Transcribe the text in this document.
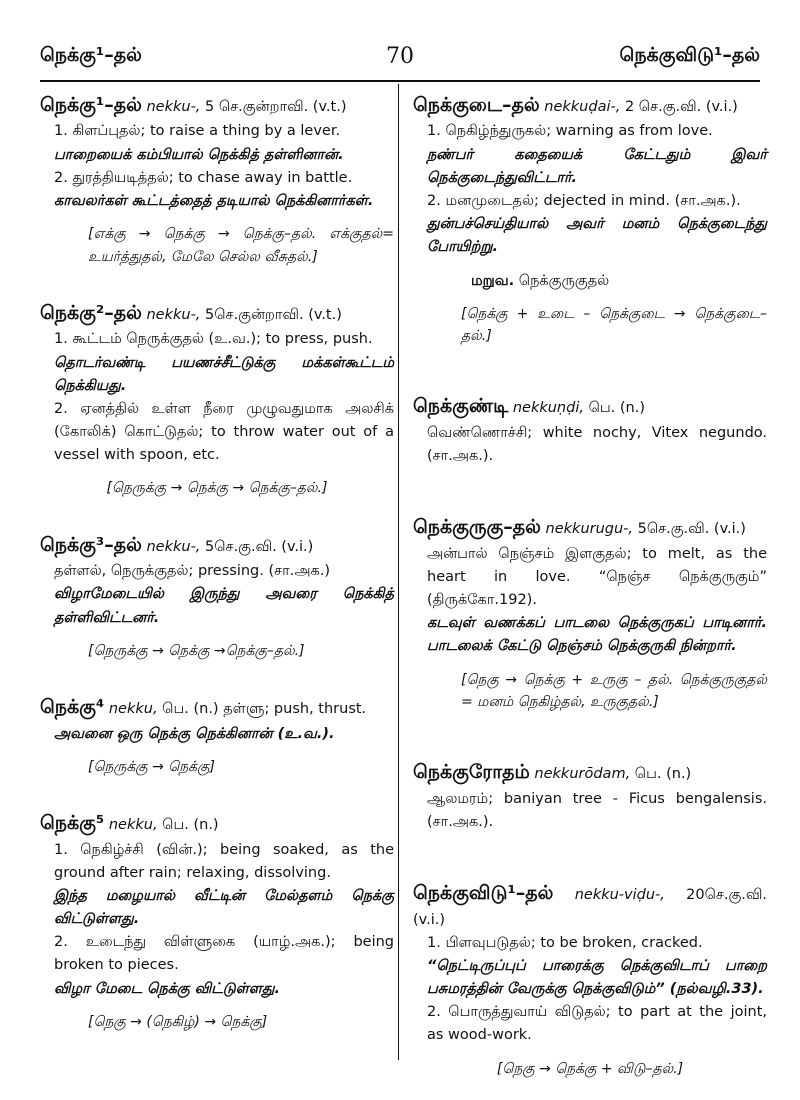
நெக்கு¹–தல்	70	நெக்குவிடு¹–தல்
நெக்கு¹–தல் nekku-, 5 செ.குன்றாவி. (v.t.)
1. கிளப்புதல்; to raise a thing by a lever.
பாறையைக் கம்பியால் நெக்கித் தள்ளினான்.
2. துரத்தியடித்தல்; to chase away in battle.
காவலர்கள் கூட்டத்தைத் தடியால் நெக்கினார்கள்.
[எக்கு → நெக்கு → நெக்கு–தல். எக்குதல்= உயர்த்துதல், மேலே செல்ல வீசுதல்.]
நெக்கு²–தல் nekku-, 5செ.குன்றாவி. (v.t.)
1. கூட்டம் நெருக்குதல் (உ.வ.); to press, push.
தொடர்வண்டி பயணச்சீட்டுக்கு மக்கள்கூட்டம் நெக்கியது.
2. ஏனத்தில் உள்ள நீரை முழுவதுமாக அலசிக் (கோலிக்) கொட்டுதல்; to throw water out of a vessel with spoon, etc.
[நெருக்கு → நெக்கு → நெக்கு–தல்.]
நெக்கு³–தல் nekku-, 5செ.கு.வி. (v.i.)
தள்ளல், நெருக்குதல்; pressing. (சா.அக.)
விழாமேடையில் இருந்து அவரை நெக்கித் தள்ளிவிட்டனர்.
[நெருக்கு → நெக்கு →நெக்கு–தல்.]
நெக்கு⁴ nekku, பெ. (n.) தள்ளு; push, thrust.
அவனை ஒரு நெக்கு நெக்கினான் (உ.வ.).
[நெருக்கு → நெக்கு]
நெக்கு⁵ nekku, பெ. (n.)
1. நெகிழ்ச்சி (வின்.); being soaked, as the ground after rain; relaxing, dissolving.
இந்த மழையால் வீட்டின் மேல்தளம் நெக்கு விட்டுள்ளது.
2. உடைந்து விள்ளுகை (யாழ்.அக.); being broken to pieces.
விழா மேடை நெக்கு விட்டுள்ளது.
[நெகு → (நெகிழ்) → நெக்கு]
நெக்குடை–தல் nekkuḍai-, 2 செ.கு.வி. (v.i.)
1. நெகிழ்ந்துருகல்; warning as from love.
நண்பர் கதையைக் கேட்டதும் இவர் நெக்குடைந்துவிட்டார்.
2. மனமுடைதல்; dejected in mind. (சா.அக.).
துன்பச்செய்தியால் அவர் மனம் நெக்குடைந்து போயிற்று.
மறுவ. நெக்குருகுதல்
[நெக்கு + உடை – நெக்குடை → நெக்குடை–தல்.]
நெக்குண்டி nekkuṇḍi, பெ. (n.)
வெண்ணொச்சி; white nochy, Vitex negundo. (சா.அக.).
நெக்குருகு–தல் nekkurugu-, 5செ.கு.வி. (v.i.)
அன்பால் நெஞ்சம் இளகுதல்; to melt, as the heart in love. “நெஞ்ச நெக்குருகும்” (திருக்கோ.192).
கடவுள் வணக்கப் பாடலை நெக்குருகப் பாடினார். பாடலைக் கேட்டு நெஞ்சம் நெக்குருகி நின்றார்.
[நெகு → நெக்கு + உருகு – தல். நெக்குருகுதல் = மனம் நெகிழ்தல், உருகுதல்.]
நெக்குரோதம் nekkurōdam, பெ. (n.)
ஆலமரம்; baniyan tree - Ficus bengalensis. (சா.அக.).
நெக்குவிடு¹–தல் nekku-viḍu-, 20செ.கு.வி. (v.i.)
1. பிளவுபடுதல்; to be broken, cracked.
“நெட்டிருப்புப் பாரைக்கு நெக்குவிடாப் பாறை பசுமரத்தின் வேருக்கு நெக்குவிடும்” (நல்வழி.33).
2. பொருத்துவாய் விடுதல்; to part at the joint, as wood-work.
[நெகு → நெக்கு + விடு–தல்.]
